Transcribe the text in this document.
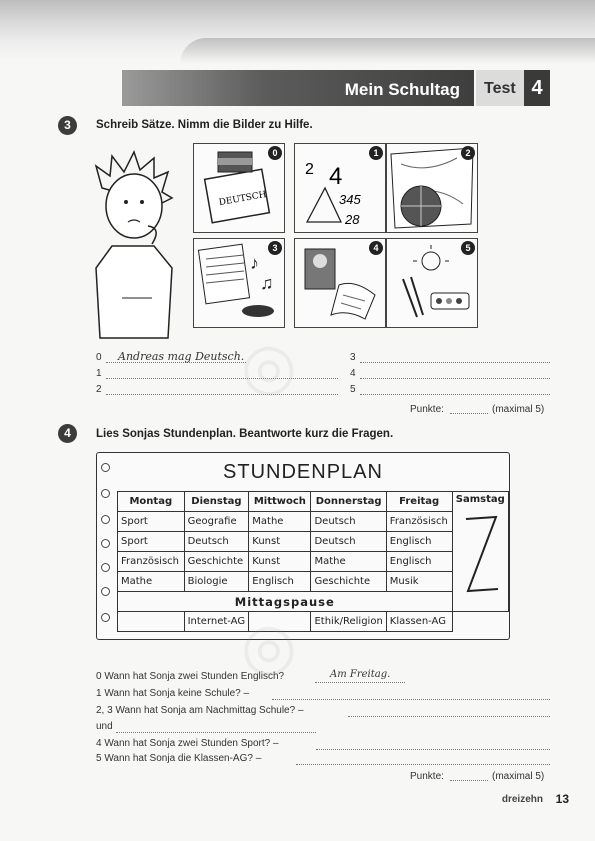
Mein Schultag Test 4
3	Schreib Sätze. Nimm die Bilder zu Hilfe.
DEUTSCH
0
2 4
345
28
1	2
♪
♫
3	4	5
0 Andreas mag Deutsch.
1
2
3
4
5
Punkte:	(maximal 5)
4	Lies Sonjas Stundenplan. Beantworte kurz die Fragen.
STUNDENPLAN
Montag	Dienstag	Mittwoch	Donnerstag	Freitag	Samstag

Sport	Geografie	Mathe	Deutsch	Französisch	
Sport	Deutsch	Kunst	Deutsch	Englisch	
Französisch	Geschichte	Kunst	Mathe	Englisch	
Mathe	Biologie	Englisch	Geschichte	Musik	

Mittagspause					

	Internet-AG		Ethik/Religion	Klassen-AG	
0 Wann hat Sonja zwei Stunden Englisch?	Am Freitag.
1 Wann hat Sonja keine Schule? –
2, 3 Wann hat Sonja am Nachmittag Schule? –
und
4 Wann hat Sonja zwei Stunden Sport? –
5 Wann hat Sonja die Klassen-AG? –
Punkte:	(maximal 5)
dreizehn 13
◎
◎
